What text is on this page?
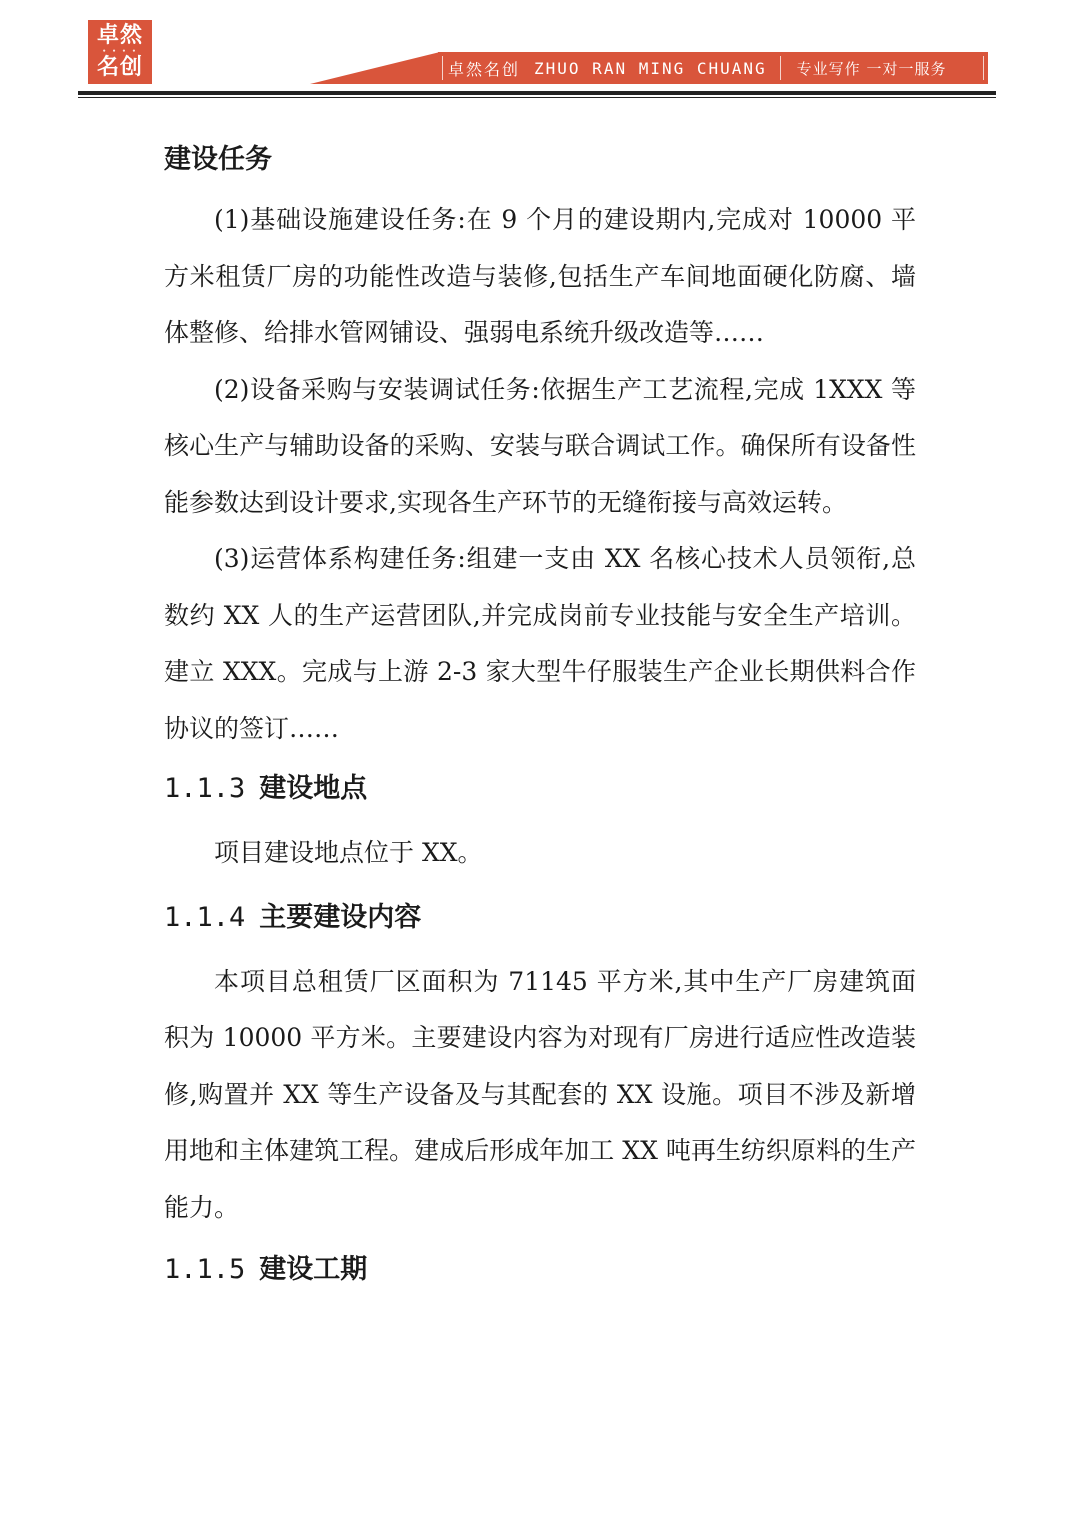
卓然
• • • •
名创	卓然名创 ZHUO RAN MING CHUANG 专业写作 一对一服务
建设任务

(1)基础设施建设任务:在 9 个月的建设期内,完成对 10000 平方米租赁厂房的功能性改造与装修,包括生产车间地面硬化防腐、墙体整修、给排水管网铺设、强弱电系统升级改造等……

(2)设备采购与安装调试任务:依据生产工艺流程,完成 1XXX 等核心生产与辅助设备的采购、安装与联合调试工作。确保所有设备性能参数达到设计要求,实现各生产环节的无缝衔接与高效运转。

(3)运营体系构建任务:组建一支由 XX 名核心技术人员领衔,总数约 XX 人的生产运营团队,并完成岗前专业技能与安全生产培训。建立 XXX。完成与上游 2-3 家大型牛仔服装生产企业长期供料合作协议的签订……

1.1.3 建设地点

项目建设地点位于 XX。

1.1.4 主要建设内容

本项目总租赁厂区面积为 71145 平方米,其中生产厂房建筑面积为 10000 平方米。主要建设内容为对现有厂房进行适应性改造装修,购置并 XX 等生产设备及与其配套的 XX 设施。项目不涉及新增用地和主体建筑工程。建成后形成年加工 XX 吨再生纺织原料的生产能力。

1.1.5 建设工期
